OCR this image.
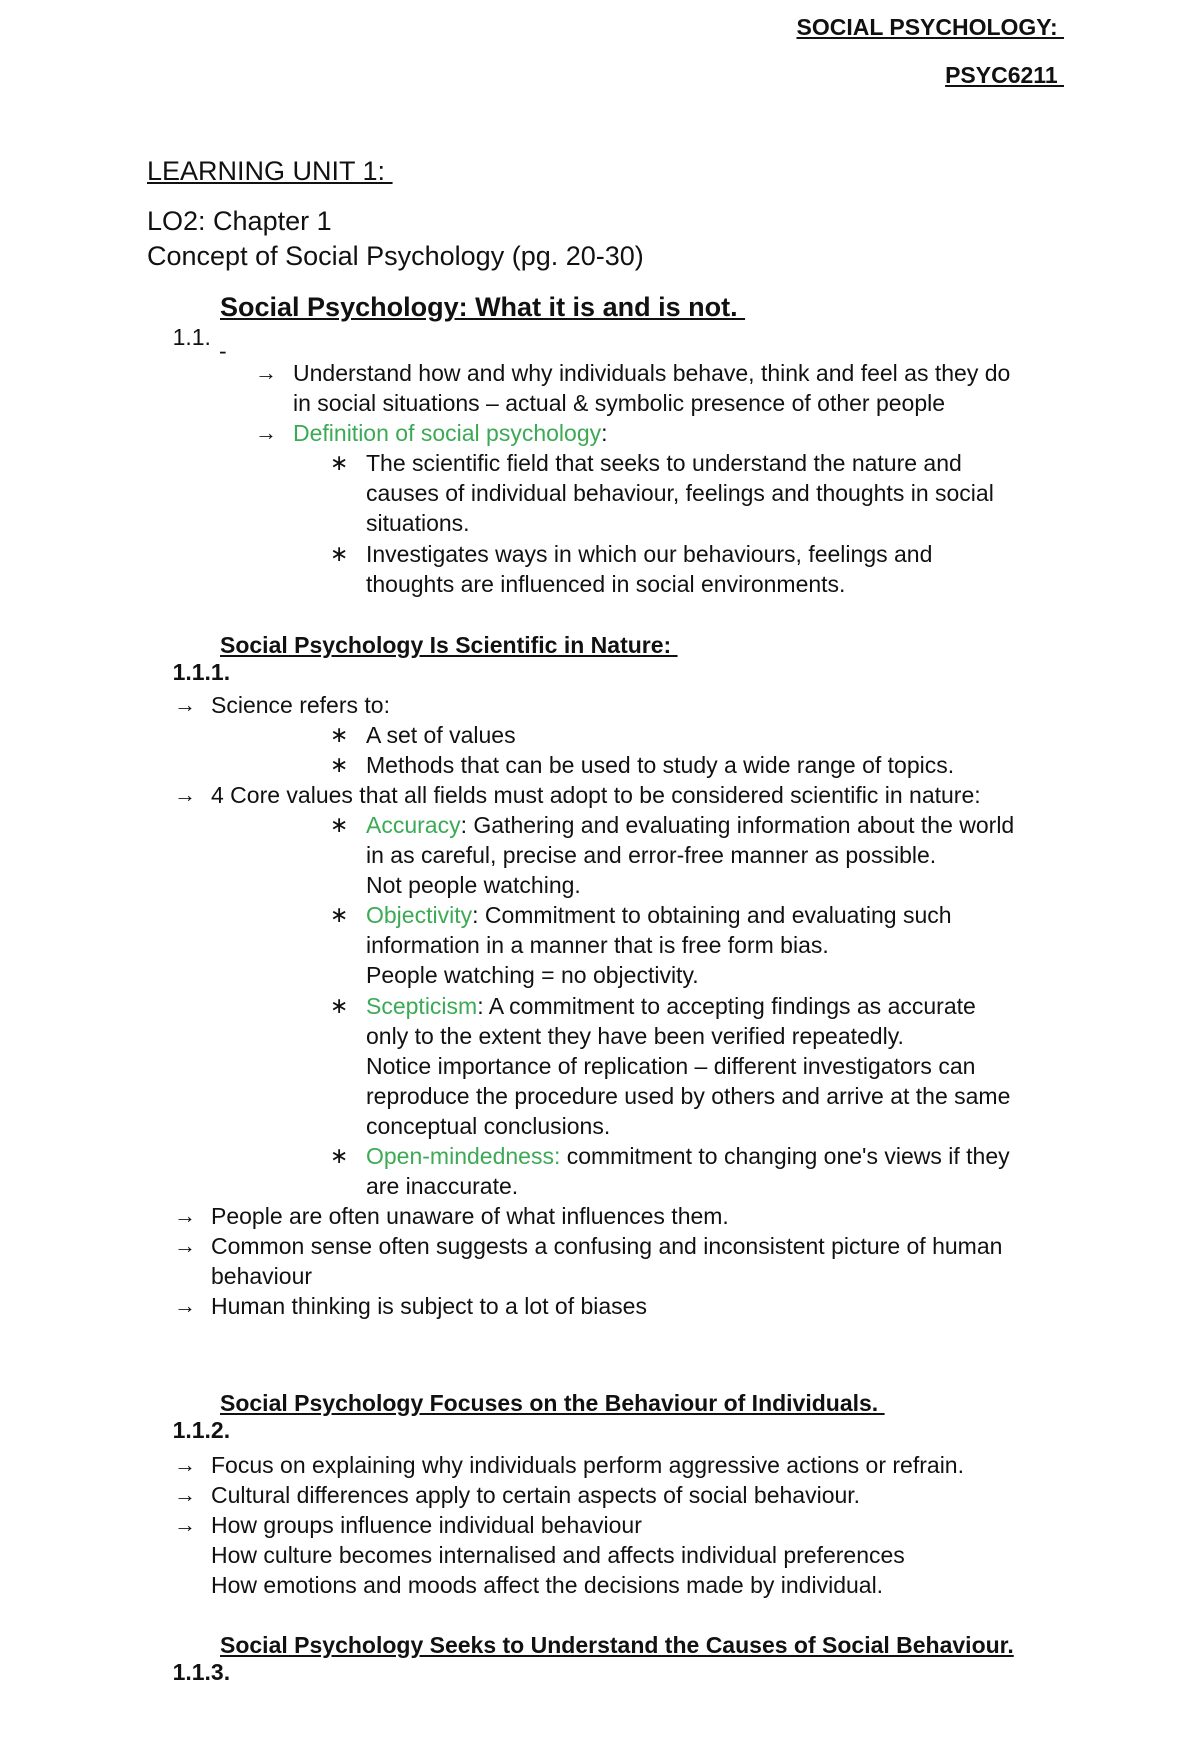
SOCIAL PSYCHOLOGY:
PSYC6211
LEARNING UNIT 1:
LO2: Chapter 1
Concept of Social Psychology (pg. 20-30)

1.1.

Social Psychology: What it is and is not.

-
→ Understand how and why individuals behave, think and feel as they do
in social situations – actual & symbolic presence of other people
→ Definition of social psychology:
∗ The scientific field that seeks to understand the nature and
causes of individual behaviour, feelings and thoughts in social
situations.
∗ Investigates ways in which our behaviours, feelings and
thoughts are influenced in social environments.

1.1.1.

Social Psychology Is Scientific in Nature:

→ Science refers to:
∗ A set of values
∗ Methods that can be used to study a wide range of topics.
→ 4 Core values that all fields must adopt to be considered scientific in nature:
∗ Accuracy: Gathering and evaluating information about the world
in as careful, precise and error-free manner as possible.
Not people watching.
∗ Objectivity: Commitment to obtaining and evaluating such
information in a manner that is free form bias.
People watching = no objectivity.
∗ Scepticism: A commitment to accepting findings as accurate
only to the extent they have been verified repeatedly.
Notice importance of replication – different investigators can
reproduce the procedure used by others and arrive at the same
conceptual conclusions.
∗ Open-mindedness: commitment to changing one's views if they
are inaccurate.
→ People are often unaware of what influences them.
→ Common sense often suggests a confusing and inconsistent picture of human
behaviour
→ Human thinking is subject to a lot of biases

1.1.2.

Social Psychology Focuses on the Behaviour of Individuals.

→ Focus on explaining why individuals perform aggressive actions or refrain.
→ Cultural differences apply to certain aspects of social behaviour.
→ How groups influence individual behaviour
How culture becomes internalised and affects individual preferences
How emotions and moods affect the decisions made by individual.

1.1.3.

Social Psychology Seeks to Understand the Causes of Social Behaviour.
